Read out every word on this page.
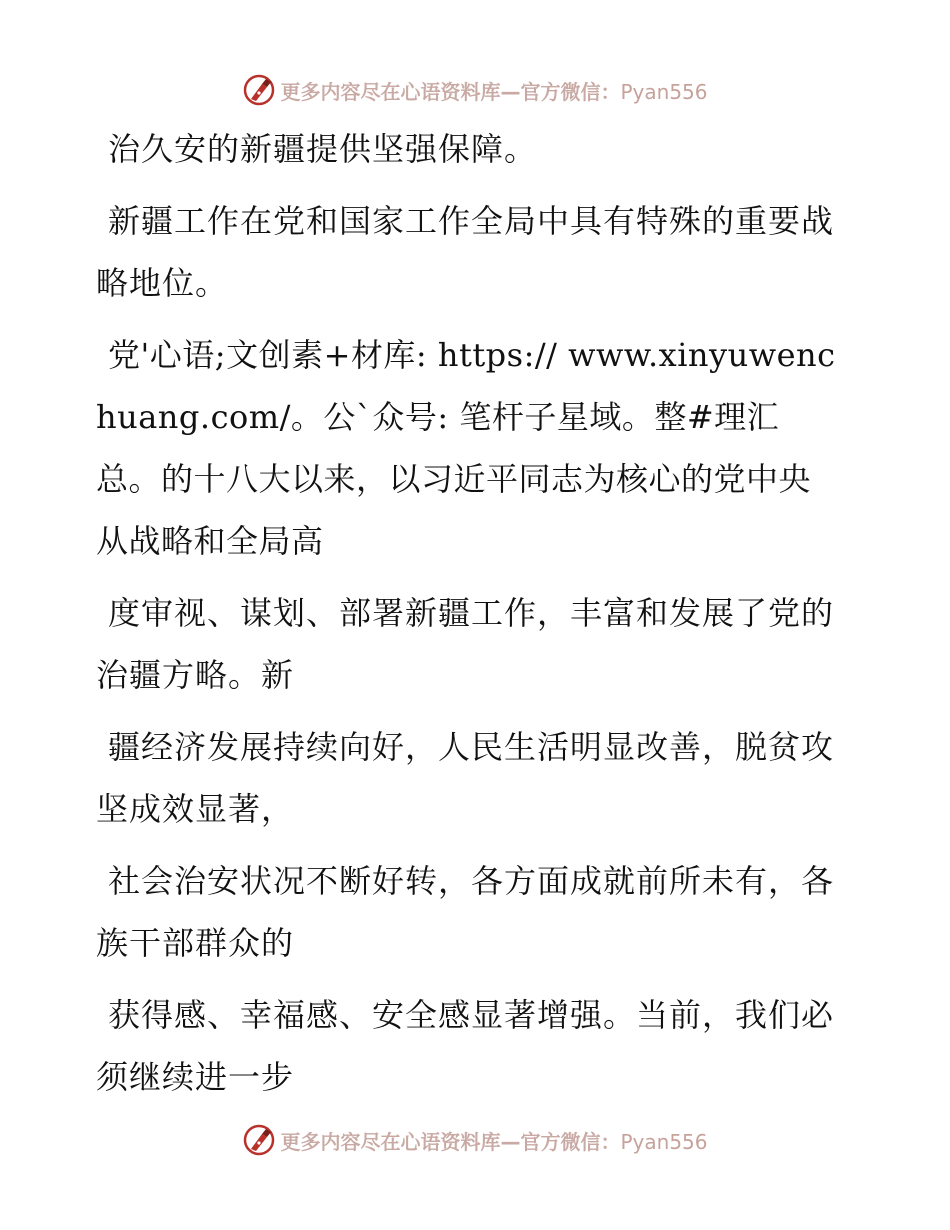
更多内容尽在心语资料库—官方微信：Pyan556

治久安的新疆提供坚强保障。

新疆工作在党和国家工作全局中具有特殊的重要战略地位。

党'心语;文创素+材库: https:// www.xinyuwenchuang.com/。公`众号: 笔杆子星域。整#理汇总。的十八大以来，以习近平同志为核心的党中央从战略和全局高

度审视、谋划、部署新疆工作，丰富和发展了党的治疆方略。新

疆经济发展持续向好，人民生活明显改善，脱贫攻坚成效显著，

社会治安状况不断好转，各方面成就前所未有，各族干部群众的

获得感、幸福感、安全感显著增强。当前，我们必须继续进一步

更多内容尽在心语资料库—官方微信：Pyan556
